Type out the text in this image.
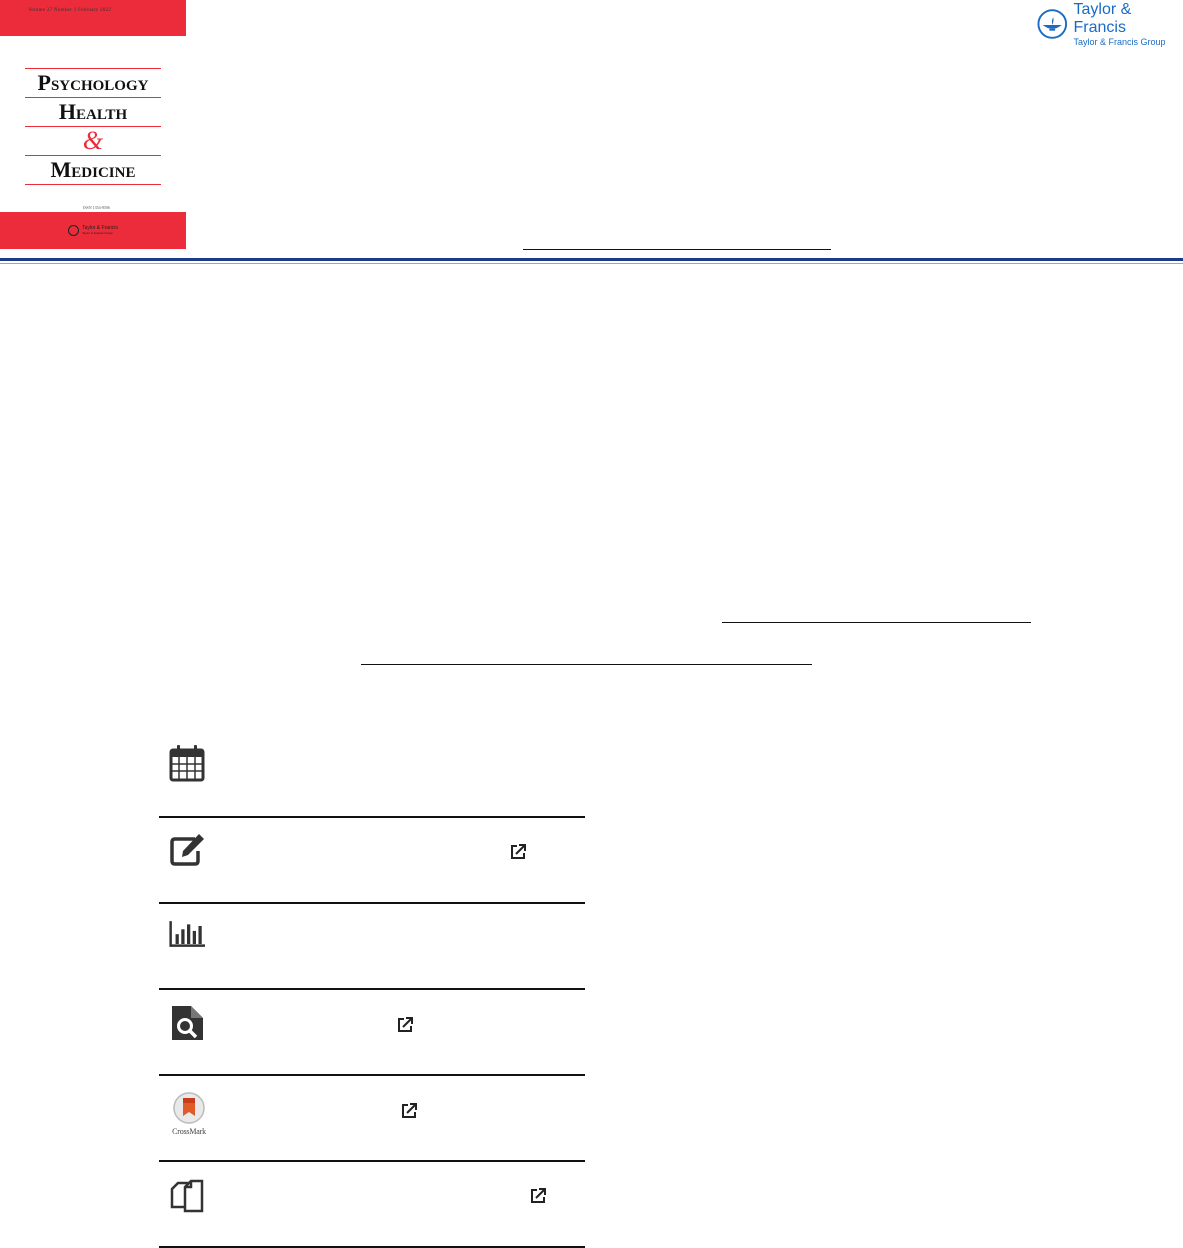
Volume 27 Number 1 February 2022
Psychology
Health
&
Medicine
ISSN 1354-8506
Taylor & Francis
Taylor & Francis Group
Taylor & Francis
Taylor & Francis Group
CrossMark
